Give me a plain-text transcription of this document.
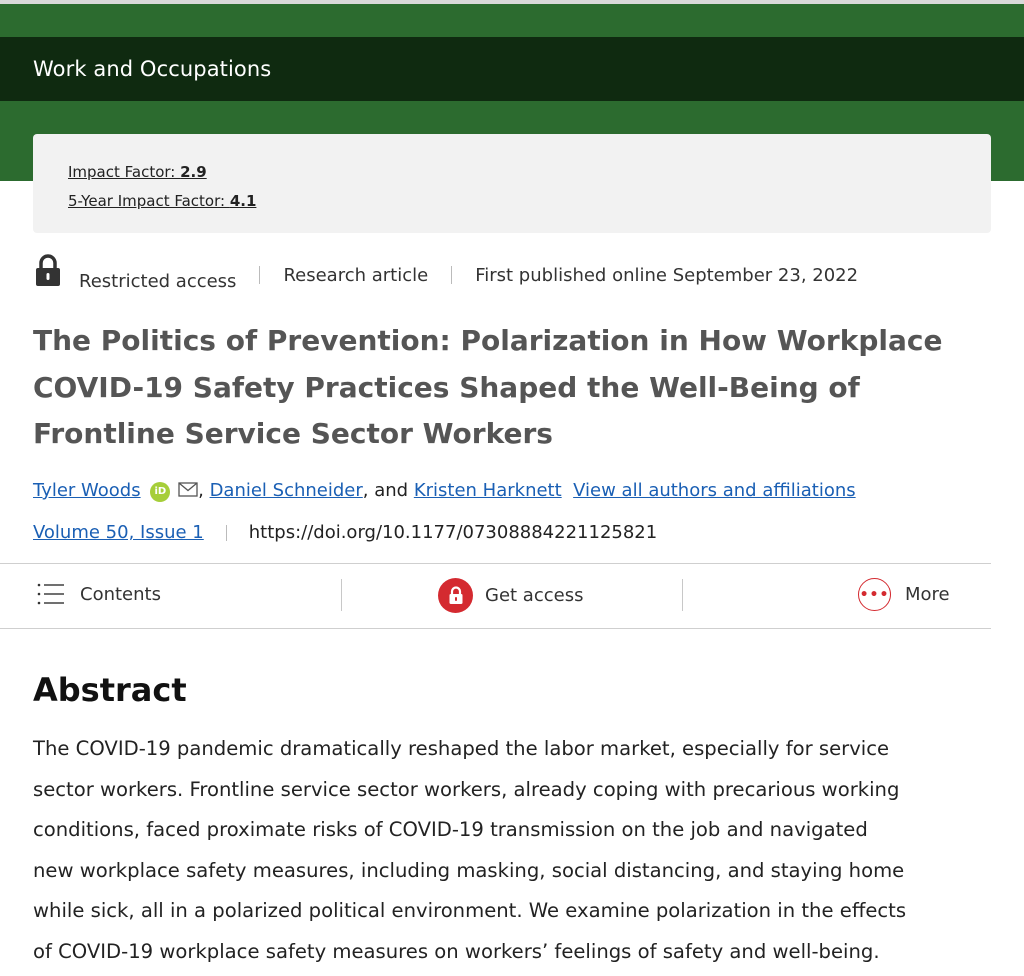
Work and Occupations
Impact Factor: 2.9
5-Year Impact Factor: 4.1
Restricted access	Research article	First published online September 23, 2022
The Politics of Prevention: Polarization in How Workplace COVID-19 Safety Practices Shaped the Well-Being of Frontline Service Sector Workers
Tyler Woods iD , Daniel Schneider, and Kristen Harknett View all authors and affiliations
Volume 50, Issue 1	https://doi.org/10.1177/07308884221125821
Contents	Get access	••• More
Abstract
The COVID-19 pandemic dramatically reshaped the labor market, especially for service
sector workers. Frontline service sector workers, already coping with precarious working
conditions, faced proximate risks of COVID-19 transmission on the job and navigated
new workplace safety measures, including masking, social distancing, and staying home
while sick, all in a polarized political environment. We examine polarization in the effects
of COVID-19 workplace safety measures on workers’ feelings of safety and well-being.
